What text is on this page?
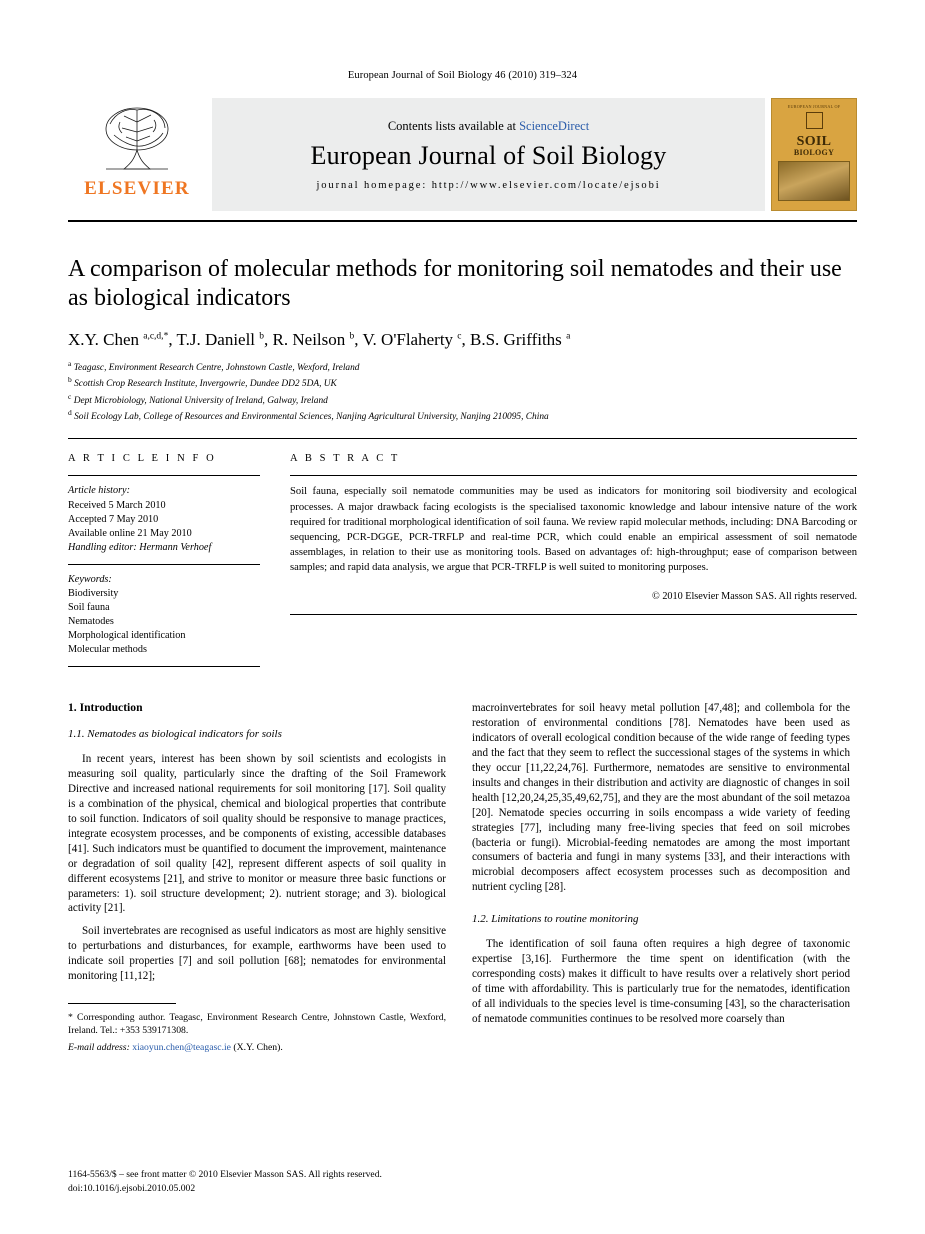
European Journal of Soil Biology 46 (2010) 319–324
ELSEVIER
Contents lists available at ScienceDirect
European Journal of Soil Biology
journal homepage: http://www.elsevier.com/locate/ejsobi
EUROPEAN JOURNAL OF
SOIL
BIOLOGY
A comparison of molecular methods for monitoring soil nematodes and their use as biological indicators
X.Y. Chen $^{a,c,d,*}$, T.J. Daniell $^b$, R. Neilson $^b$, V. O'Flaherty $^c$, B.S. Griffiths $^a$
$^a$ Teagasc, Environment Research Centre, Johnstown Castle, Wexford, Ireland
$^b$ Scottish Crop Research Institute, Invergowrie, Dundee DD2 5DA, UK
$^c$ Dept Microbiology, National University of Ireland, Galway, Ireland
$^d$ Soil Ecology Lab, College of Resources and Environmental Sciences, Nanjing Agricultural University, Nanjing 210095, China
A R T I C L E I N F O
Article history:
Received 5 March 2010
Accepted 7 May 2010
Available online 21 May 2010
Handling editor: Hermann Verhoef
Keywords:
Biodiversity
Soil fauna
Nematodes
Morphological identification
Molecular methods
A B S T R A C T
Soil fauna, especially soil nematode communities may be used as indicators for monitoring soil biodiversity and ecological processes. A major drawback facing ecologists is the specialised taxonomic knowledge and labour intensive nature of the work required for traditional morphological identification of soil fauna. We review rapid molecular methods, including: DNA Barcoding or sequencing, PCR-DGGE, PCR-TRFLP and real-time PCR, which could enable an empirical assessment of soil nematode assemblages, in relation to their use as monitoring tools. Based on advantages of: high-throughput; ease of comparison between samples; and rapid data analysis, we argue that PCR-TRFLP is well suited to monitoring purposes.
© 2010 Elsevier Masson SAS. All rights reserved.
1. Introduction
1.1. Nematodes as biological indicators for soils

In recent years, interest has been shown by soil scientists and ecologists in measuring soil quality, particularly since the drafting of the Soil Framework Directive and increased national requirements for soil monitoring [17]. Soil quality is a combination of the physical, chemical and biological properties that contribute to soil function. Indicators of soil quality should be responsive to manage practices, integrate ecosystem processes, and be components of existing, accessible databases [41]. Such indicators must be quantified to document the improvement, maintenance or degradation of soil quality [42], represent different aspects of soil quality in different ecosystems [21], and strive to monitor or measure three basic functions or parameters: 1). soil structure development; 2). nutrient storage; and 3). biological activity [21].

Soil invertebrates are recognised as useful indicators as most are highly sensitive to perturbations and disturbances, for example, earthworms have been used to indicate soil properties [7] and soil pollution [68]; nematodes for environmental monitoring [11,12];

* Corresponding author. Teagasc, Environment Research Centre, Johnstown Castle, Wexford, Ireland. Tel.: +353 539171308.

E-mail address: xiaoyun.chen@teagasc.ie (X.Y. Chen).

macroinvertebrates for soil heavy metal pollution [47,48]; and collembola for the restoration of environmental conditions [78]. Nematodes have been used as indicators of overall ecological condition because of the wide range of feeding types and the fact that they seem to reflect the successional stages of the systems in which they occur [11,22,24,76]. Furthermore, nematodes are sensitive to environmental insults and changes in their distribution and activity are diagnostic of changes in soil health [12,20,24,25,35,49,62,75], and they are the most abundant of the soil metazoa [20]. Nematode species occurring in soils encompass a wide variety of feeding strategies [77], including many free-living species that feed on soil microbes (bacteria or fungi). Microbial-feeding nematodes are among the most important consumers of bacteria and fungi in many systems [33], and their interactions with microbial decomposers affect ecosystem processes such as decomposition and nutrient cycling [28].

1.2. Limitations to routine monitoring

The identification of soil fauna often requires a high degree of taxonomic expertise [3,16]. Furthermore the time spent on identification (with the corresponding costs) makes it difficult to have results over a relatively short period of time with affordability. This is particularly true for the nematodes, identification of all individuals to the species level is time-consuming [43], so the characterisation of nematode communities continues to be resolved more coarsely than

1164-5563/$ – see front matter © 2010 Elsevier Masson SAS. All rights reserved.
doi:10.1016/j.ejsobi.2010.05.002
